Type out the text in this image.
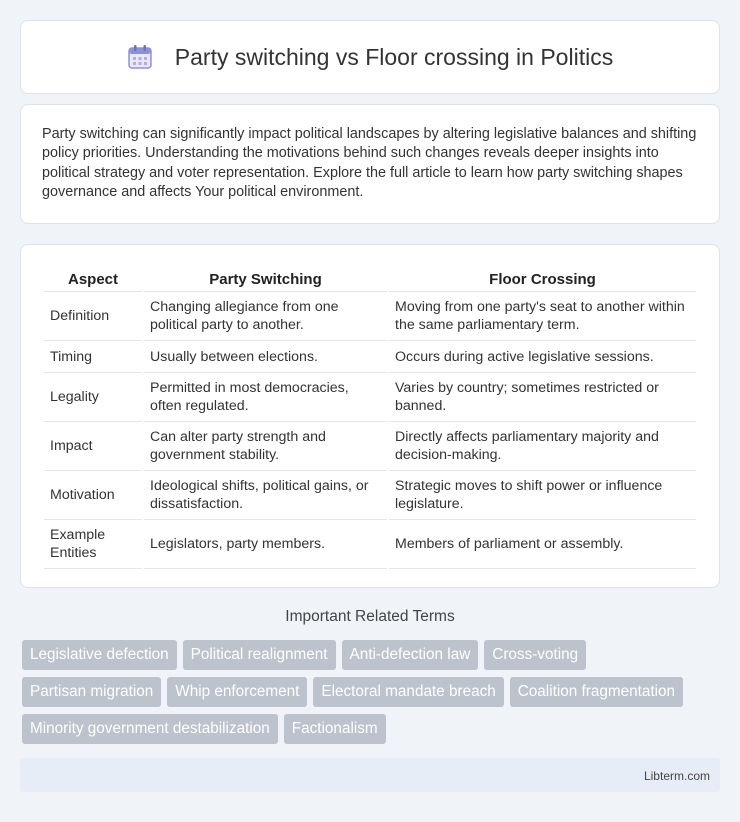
Party switching vs Floor crossing in Politics

Party switching can significantly impact political landscapes by altering legislative balances and shifting policy priorities. Understanding the motivations behind such changes reveals deeper insights into political strategy and voter representation. Explore the full article to learn how party switching shapes governance and affects Your political environment.

Aspect	Party Switching	Floor Crossing
Definition	Changing allegiance from one political party to another.	Moving from one party's seat to another within the same parliamentary term.
Timing	Usually between elections.	Occurs during active legislative sessions.
Legality	Permitted in most democracies, often regulated.	Varies by country; sometimes restricted or banned.
Impact	Can alter party strength and government stability.	Directly affects parliamentary majority and decision-making.
Motivation	Ideological shifts, political gains, or dissatisfaction.	Strategic moves to shift power or influence legislature.
Example Entities	Legislators, party members.	Members of parliament or assembly.
Important Related Terms
Legislative defection	Political realignment	Anti-defection law	Cross-voting
Partisan migration	Whip enforcement	Electoral mandate breach	Coalition fragmentation
Minority government destabilization	Factionalism
Libterm.com
